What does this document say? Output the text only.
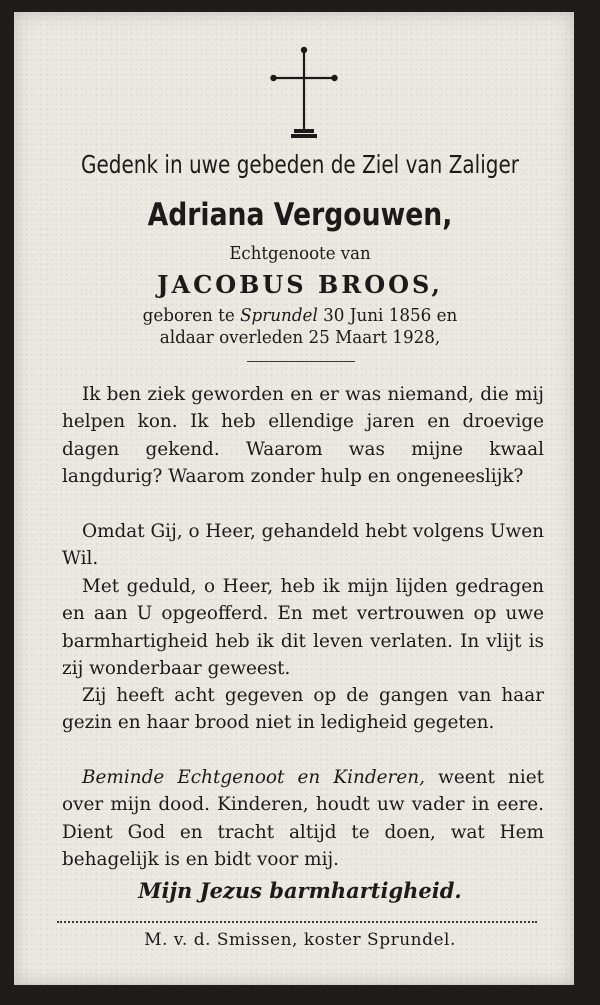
Gedenk in uwe gebeden de Ziel van Zaliger
Adriana Vergouwen,
Echtgenoote van
JACOBUS BROOS,
geboren te Sprundel 30 Juni 1856 en
aldaar overleden 25 Maart 1928,
Ik ben ziek geworden en er was niemand, die mij helpen kon. Ik heb ellendige jaren en droevige dagen gekend. Waarom was mijne kwaal langdurig? Waarom zonder hulp en ongeneeslijk?
Omdat Gij, o Heer, gehandeld hebt volgens Uwen Wil.
Met geduld, o Heer, heb ik mijn lijden gedragen en aan U opgeofferd. En met vertrouwen op uwe barmhartigheid heb ik dit leven verlaten. In vlijt is zij wonderbaar geweest.
Zij heeft acht gegeven op de gangen van haar gezin en haar brood niet in ledigheid gegeten.
Beminde Echtgenoot en Kinderen, weent niet over mijn dood. Kinderen, houdt uw vader in eere. Dient God en tracht altijd te doen, wat Hem behagelijk is en bidt voor mij.
Mijn Jezus barmhartigheid.
M. v. d. Smissen, koster Sprundel.
